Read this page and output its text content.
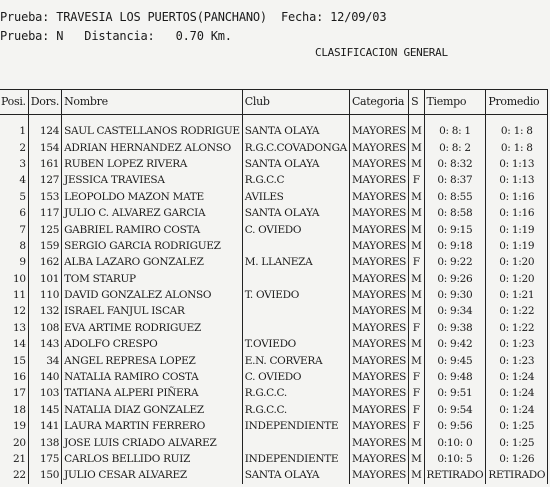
Prueba: TRAVESIA LOS PUERTOS(PANCHANO)  Fecha: 12/09/03
Prueba: N   Distancia:   0.70 Km.
CLASIFICACION GENERAL
Posi.	Dors.	Nombre	Club	Categoria	S	Tiempo	Promedio
1	124	SAUL CASTELLANOS RODRIGUE	SANTA OLAYA	MAYORES	M	0: 8: 1	0: 1: 8
2	154	ADRIAN HERNANDEZ ALONSO	R.G.C.COVADONGA	MAYORES	M	0: 8: 2	0: 1: 8
3	161	RUBEN LOPEZ RIVERA	SANTA OLAYA	MAYORES	M	0: 8:32	0: 1:13
4	127	JESSICA TRAVIESA	R.G.C.C	MAYORES	F	0: 8:37	0: 1:13
5	153	LEOPOLDO MAZON MATE	AVILES	MAYORES	M	0: 8:55	0: 1:16
6	117	JULIO C. ALVAREZ GARCIA	SANTA OLAYA	MAYORES	M	0: 8:58	0: 1:16
7	125	GABRIEL RAMIRO COSTA	C. OVIEDO	MAYORES	M	0: 9:15	0: 1:19
8	159	SERGIO GARCIA RODRIGUEZ		MAYORES	M	0: 9:18	0: 1:19
9	162	ALBA LAZARO GONZALEZ	M. LLANEZA	MAYORES	F	0: 9:22	0: 1:20
10	101	TOM STARUP		MAYORES	M	0: 9:26	0: 1:20
11	110	DAVID GONZALEZ ALONSO	T. OVIEDO	MAYORES	M	0: 9:30	0: 1:21
12	132	ISRAEL FANJUL ISCAR		MAYORES	M	0: 9:34	0: 1:22
13	108	EVA ARTIME RODRIGUEZ		MAYORES	F	0: 9:38	0: 1:22
14	143	ADOLFO CRESPO	T.OVIEDO	MAYORES	M	0: 9:42	0: 1:23
15	34	ANGEL REPRESA LOPEZ	E.N. CORVERA	MAYORES	M	0: 9:45	0: 1:23
16	140	NATALIA RAMIRO COSTA	C. OVIEDO	MAYORES	F	0: 9:48	0: 1:24
17	103	TATIANA ALPERI PIÑERA	R.G.C.C.	MAYORES	F	0: 9:51	0: 1:24
18	145	NATALIA DIAZ GONZALEZ	R.G.C.C.	MAYORES	F	0: 9:54	0: 1:24
19	141	LAURA MARTIN FERRERO	INDEPENDIENTE	MAYORES	F	0: 9:56	0: 1:25
20	138	JOSE LUIS CRIADO ALVAREZ		MAYORES	M	0:10: 0	0: 1:25
21	175	CARLOS BELLIDO RUIZ	INDEPENDIENTE	MAYORES	M	0:10: 5	0: 1:26
22	150	JULIO CESAR ALVAREZ	SANTA OLAYA	MAYORES	M	RETIRADO	RETIRADO
